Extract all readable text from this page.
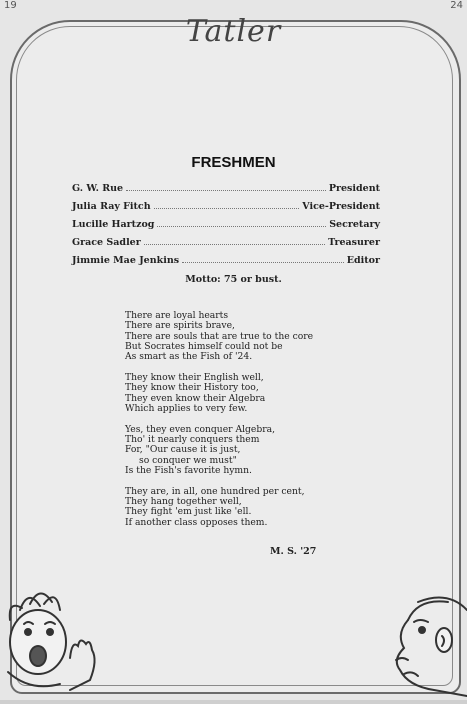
19	24
Tatler
FRESHMEN
G. W. Rue	President
Julia Ray Fitch	Vice-President
Lucille Hartzog	Secretary
Grace Sadler	Treasurer
Jimmie Mae Jenkins	Editor
Motto: 75 or bust.
There are loyal hearts
There are spirits brave,
There are souls that are true to the core
But Socrates himself could not be
As smart as the Fish of '24.
They know their English well,
They know their History too,
They even know their Algebra
Which applies to very few.
Yes, they even conquer Algebra,
Tho' it nearly conquers them
For, "Our cause it is just,
so conquer we must"
Is the Fish's favorite hymn.
They are, in all, one hundred per cent,
They hang together well,
They fight 'em just like 'ell.
If another class opposes them.
M. S. '27
